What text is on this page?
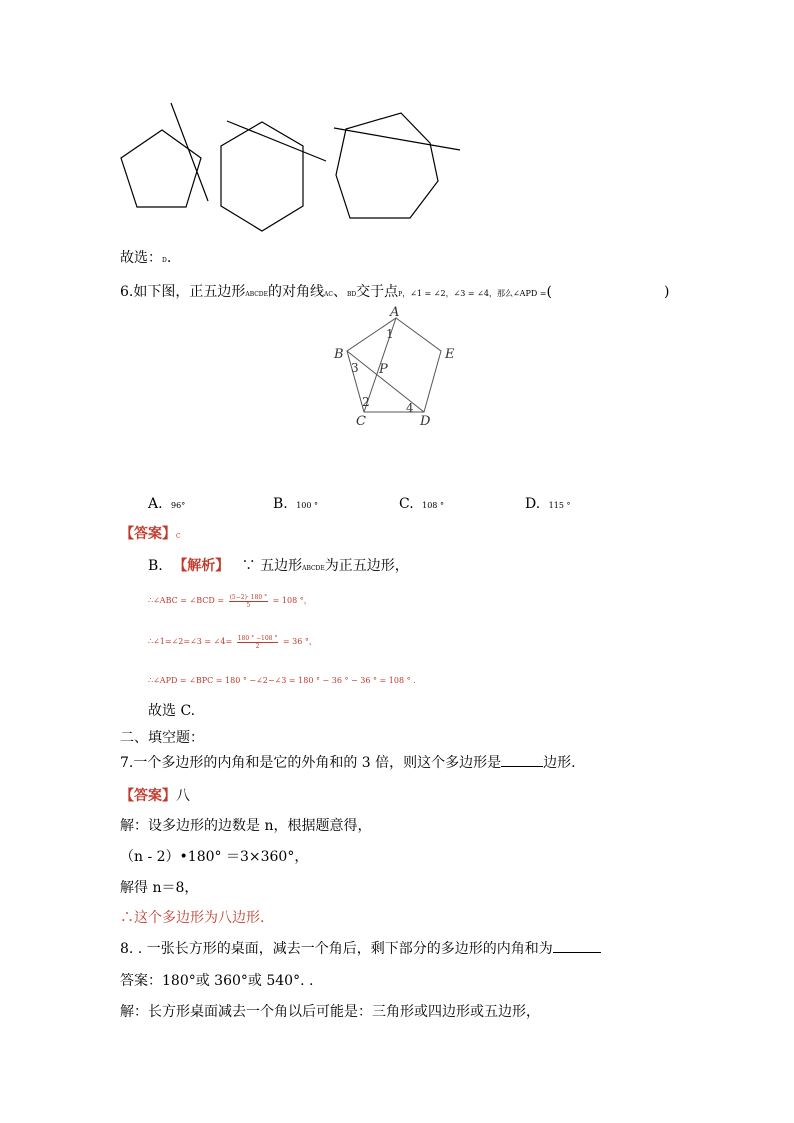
故选：D.
6.如下图，正五边形ABCDE的对角线AC、BD交于点P，∠1 = ∠2，∠3 = ∠4，那么∠APD =(	)
A
B
C	D
E
P
1
2
3
4
A. 96°	B. 100 °	C. 108 °	D. 115 °
【答案】C
B. 【解析】 ∵ 五边形ABCDE为正五边形，
∴∠ABC = ∠BCD = $\frac{(5-2)\cdot 180 ^\circ}{5} = 108$ °，
∴∠1=∠2=∠3 = ∠4= $\frac{180 ^\circ -108 ^\circ}{2} = 36$ °，
∴∠APD = ∠BPC = 180 ° −∠2−∠3 = 180 ° − 36 ° − 36 ° = 108 ° .
故选 C.
二、填空题：
7.一个多边形的内角和是它的外角和的 3 倍，则这个多边形是	边形.
【答案】八
解：设多边形的边数是 n，根据题意得，
（n - 2）•180° ＝3×360°，
解得 n＝8，
∴这个多边形为八边形.
8. . 一张长方形的桌面，减去一个角后，剩下部分的多边形的内角和为
答案：180°或 360°或 540°. .
解：长方形桌面减去一个角以后可能是：三角形或四边形或五边形，
